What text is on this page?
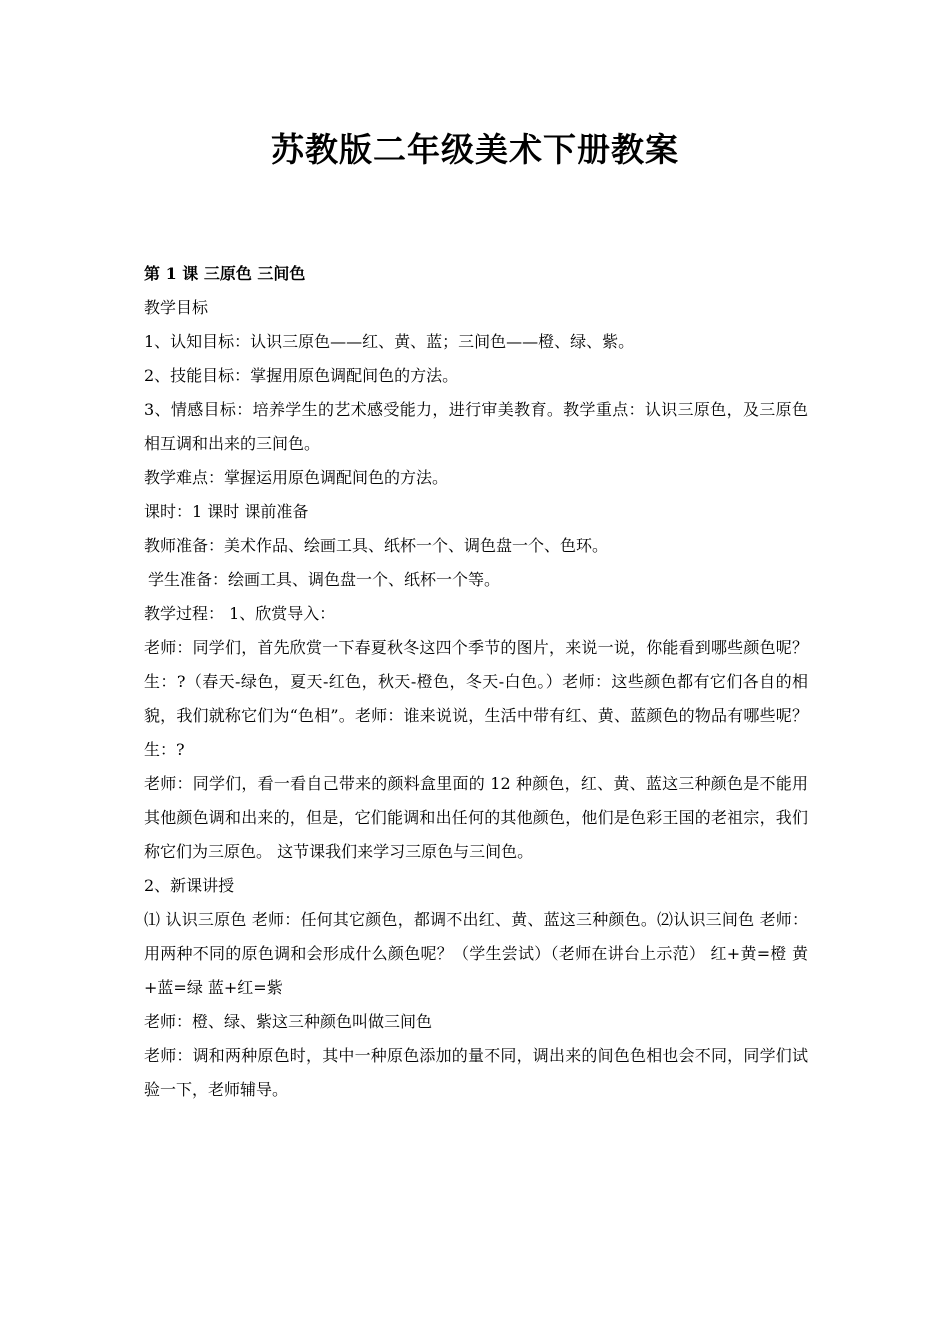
苏教版二年级美术下册教案

第 1 课 三原色 三间色

教学目标

1、认知目标：认识三原色——红、黄、蓝；三间色——橙、绿、紫。

2、技能目标：掌握用原色调配间色的方法。

3、情感目标：培养学生的艺术感受能力，进行审美教育。教学重点：认识三原色，及三原色相互调和出来的三间色。

教学难点：掌握运用原色调配间色的方法。

课时：1 课时 课前准备

教师准备：美术作品、绘画工具、纸杯一个、调色盘一个、色环。

学生准备：绘画工具、调色盘一个、纸杯一个等。

教学过程： 1、欣赏导入：

老师：同学们，首先欣赏一下春夏秋冬这四个季节的图片，来说一说，你能看到哪些颜色呢？ 生：?（春天-绿色，夏天-红色，秋天-橙色，冬天-白色。）老师：这些颜色都有它们各自的相貌，我们就称它们为“色相”。老师：谁来说说，生活中带有红、黄、蓝颜色的物品有哪些呢？ 生：?

老师：同学们，看一看自己带来的颜料盒里面的 12 种颜色，红、黄、蓝这三种颜色是不能用其他颜色调和出来的，但是，它们能调和出任何的其他颜色，他们是色彩王国的老祖宗，我们称它们为三原色。 这节课我们来学习三原色与三间色。

2、新课讲授

⑴ 认识三原色 老师：任何其它颜色，都调不出红、黄、蓝这三种颜色。⑵认识三间色 老师：用两种不同的原色调和会形成什么颜色呢？（学生尝试）（老师在讲台上示范） 红+黄=橙 黄+蓝=绿 蓝+红=紫

老师：橙、绿、紫这三种颜色叫做三间色

老师：调和两种原色时，其中一种原色添加的量不同，调出来的间色色相也会不同，同学们试验一下，老师辅导。
